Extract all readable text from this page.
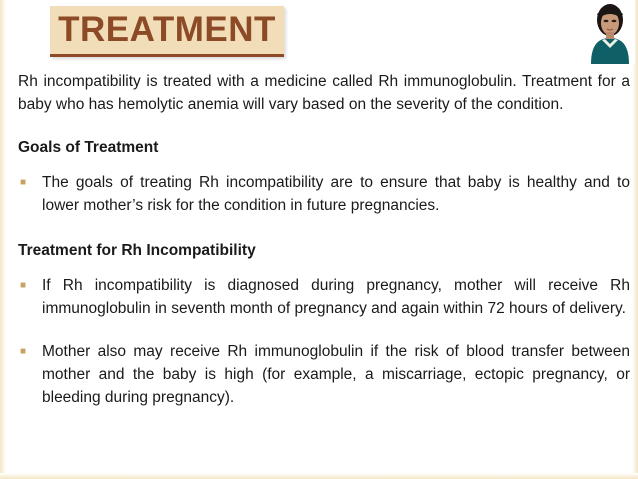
TREATMENT

Rh incompatibility is treated with a medicine called Rh immunoglobulin. Treatment for a baby who has hemolytic anemia will vary based on the severity of the condition.

Goals of Treatment

■	The goals of treating Rh incompatibility are to ensure that baby is healthy and to lower mother’s risk for the condition in future pregnancies.

Treatment for Rh Incompatibility

■	If Rh incompatibility is diagnosed during pregnancy, mother will receive Rh immunoglobulin in seventh month of pregnancy and again within 72 hours of delivery.
■	Mother also may receive Rh immunoglobulin if the risk of blood transfer between mother and the baby is high (for example, a miscarriage, ectopic pregnancy, or bleeding during pregnancy).
